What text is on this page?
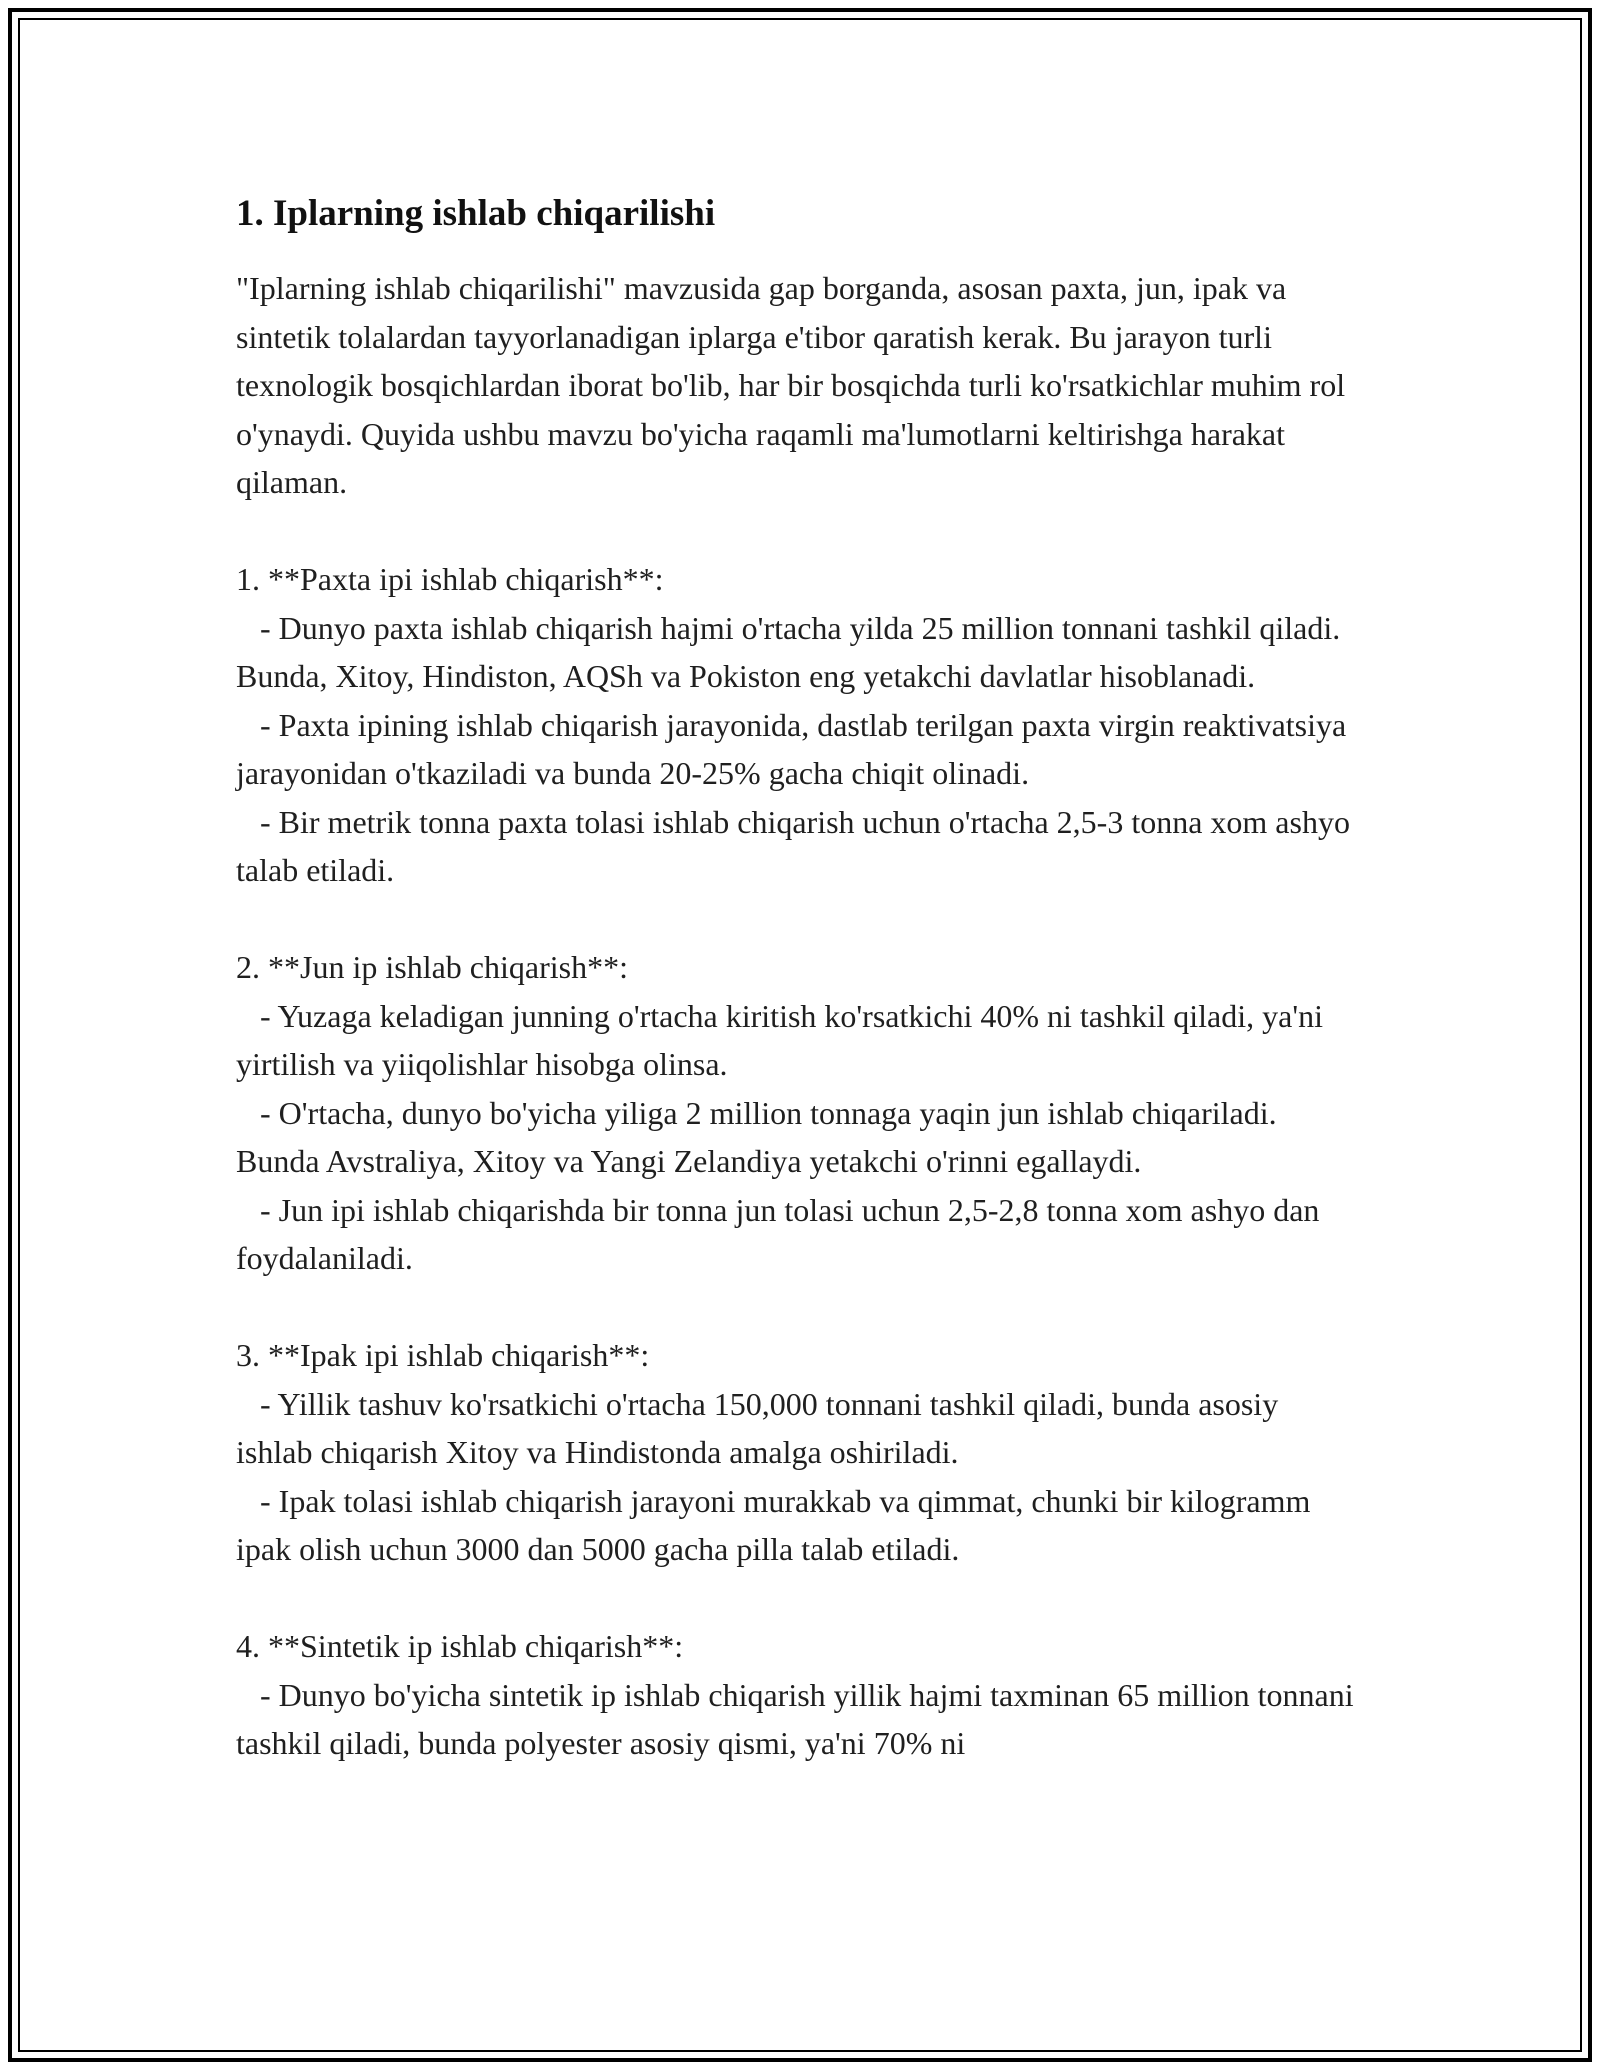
1. Iplarning ishlab chiqarilishi

"Iplarning ishlab chiqarilishi" mavzusida gap borganda, asosan paxta, jun, ipak va sintetik tolalardan tayyorlanadigan iplarga e'tibor qaratish kerak. Bu jarayon turli texnologik bosqichlardan iborat bo'lib, har bir bosqichda turli ko'rsatkichlar muhim rol o'ynaydi. Quyida ushbu mavzu bo'yicha raqamli ma'lumotlarni keltirishga harakat qilaman.

1. **Paxta ipi ishlab chiqarish**:
- Dunyo paxta ishlab chiqarish hajmi o'rtacha yilda 25 million tonnani tashkil qiladi. Bunda, Xitoy, Hindiston, AQSh va Pokiston eng yetakchi davlatlar hisoblanadi.
- Paxta ipining ishlab chiqarish jarayonida, dastlab terilgan paxta virgin reaktivatsiya jarayonidan o'tkaziladi va bunda 20-25% gacha chiqit olinadi.
- Bir metrik tonna paxta tolasi ishlab chiqarish uchun o'rtacha 2,5-3 tonna xom ashyo talab etiladi.

2. **Jun ip ishlab chiqarish**:
- Yuzaga keladigan junning o'rtacha kiritish ko'rsatkichi 40% ni tashkil qiladi, ya'ni yirtilish va yiiqolishlar hisobga olinsa.
- O'rtacha, dunyo bo'yicha yiliga 2 million tonnaga yaqin jun ishlab chiqariladi. Bunda Avstraliya, Xitoy va Yangi Zelandiya yetakchi o'rinni egallaydi.
- Jun ipi ishlab chiqarishda bir tonna jun tolasi uchun 2,5-2,8 tonna xom ashyo dan foydalaniladi.

3. **Ipak ipi ishlab chiqarish**:
- Yillik tashuv ko'rsatkichi o'rtacha 150,000 tonnani tashkil qiladi, bunda asosiy ishlab chiqarish Xitoy va Hindistonda amalga oshiriladi.
- Ipak tolasi ishlab chiqarish jarayoni murakkab va qimmat, chunki bir kilogramm ipak olish uchun 3000 dan 5000 gacha pilla talab etiladi.

4. **Sintetik ip ishlab chiqarish**:
- Dunyo bo'yicha sintetik ip ishlab chiqarish yillik hajmi taxminan 65 million tonnani tashkil qiladi, bunda polyester asosiy qismi, ya'ni 70% ni
